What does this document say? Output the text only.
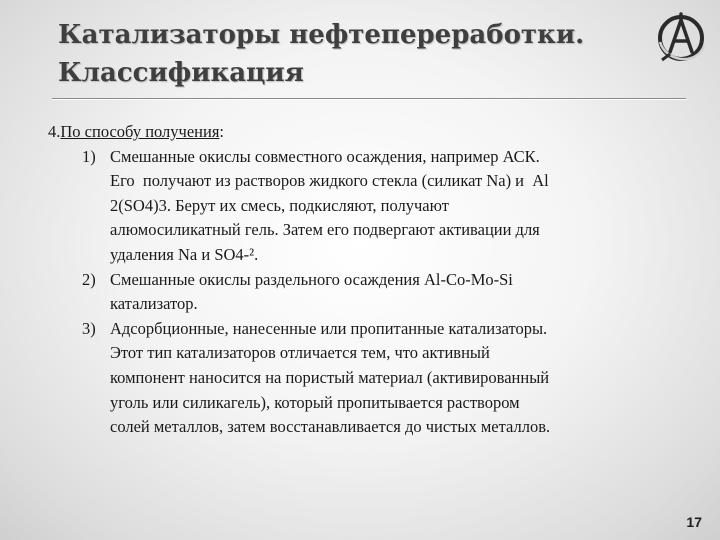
Катализаторы нефтепереработки.
Классификация
4. По способу получения :
1) Смешанные окислы совместного осаждения, например АСК.
Его  получают из растворов жидкого стекла (силикат Na) и  Al
2(SO4)3. Берут их смесь, подкисляют, получают
алюмосиликатный гель. Затем его подвергают активации для
удаления Na и SO4-².
2) Смешанные окислы раздельного осаждения Al-Co-Mo-Si
катализатор.
3) Адсорбционные, нанесенные или пропитанные катализаторы.
Этот тип катализаторов отличается тем, что активный
компонент наносится на пористый материал (активированный
уголь или силикагель), который пропитывается раствором
солей металлов, затем восстанавливается до чистых металлов.
17
